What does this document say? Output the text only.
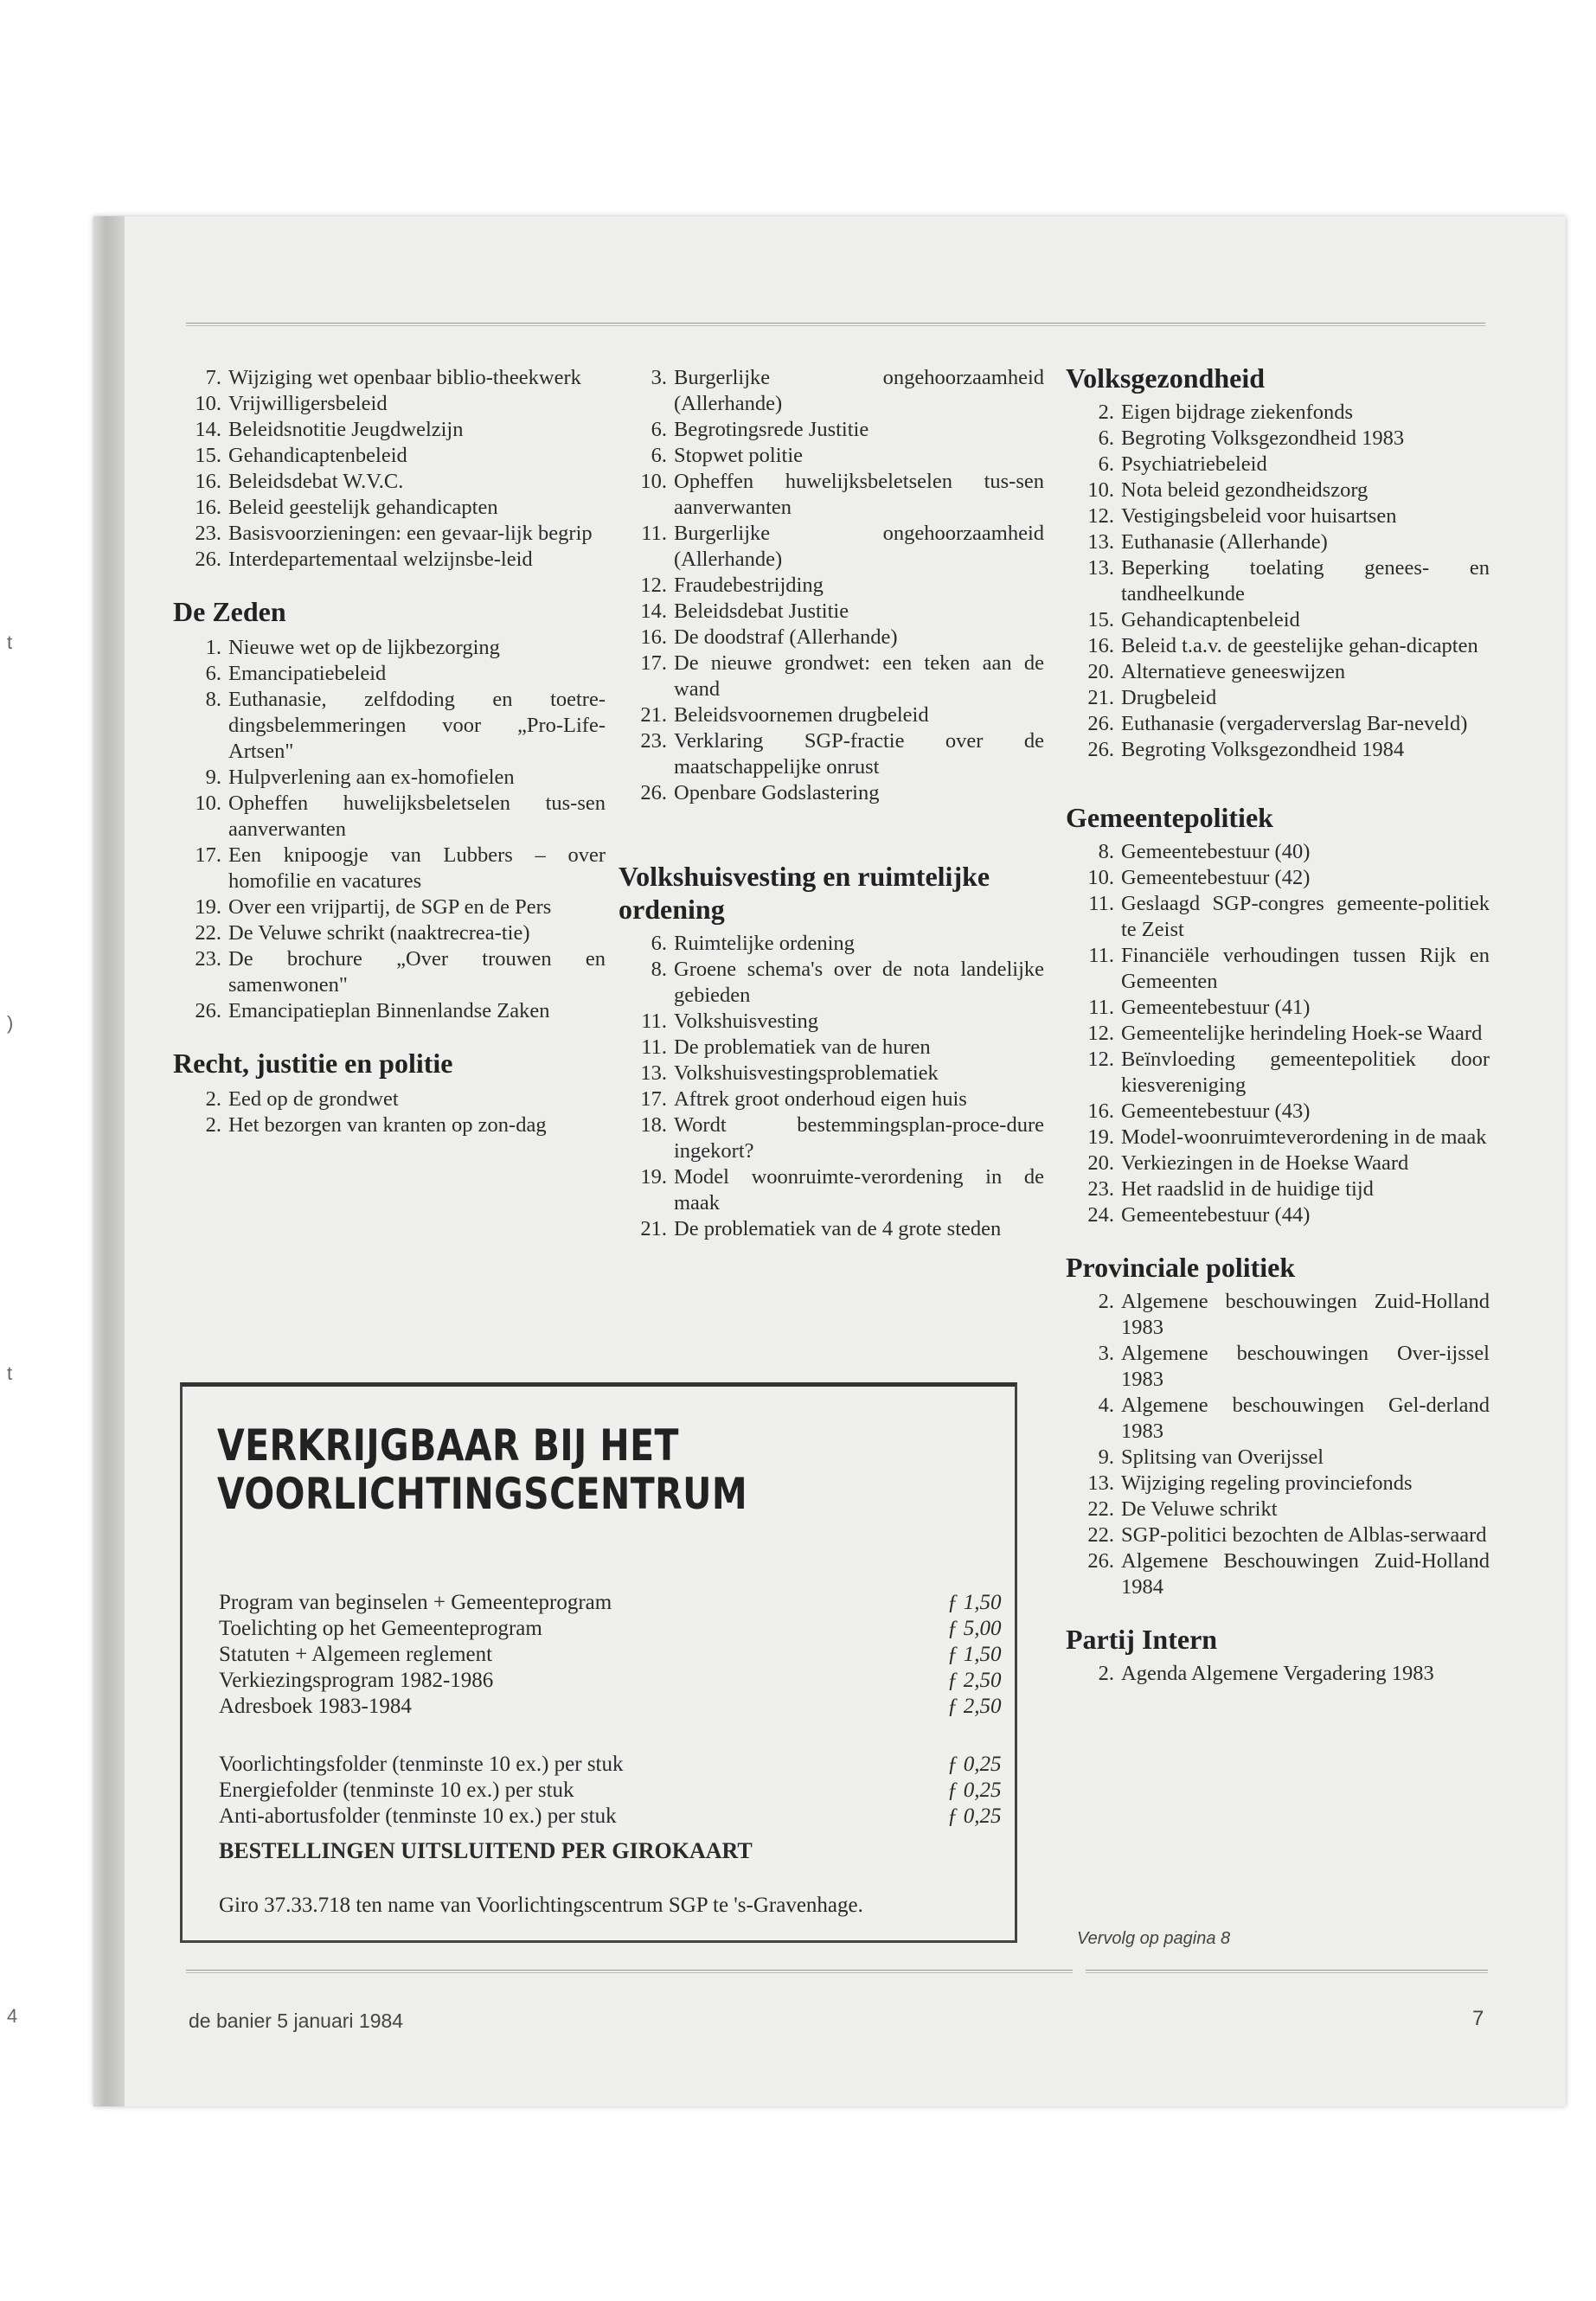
t
)
t
4
7. Wijziging wet openbaar biblio-theekwerk
10. Vrijwilligersbeleid
14. Beleidsnotitie Jeugdwelzijn
15. Gehandicaptenbeleid
16. Beleidsdebat W.V.C.
16. Beleid geestelijk gehandicapten
23. Basisvoorzieningen: een gevaar-lijk begrip
26. Interdepartementaal welzijnsbe-leid
De Zeden
1. Nieuwe wet op de lijkbezorging
6. Emancipatiebeleid
8. Euthanasie, zelfdoding en toetre-dingsbelemmeringen voor „Pro-Life-Artsen"
9. Hulpverlening aan ex-homofielen
10. Opheffen huwelijksbeletselen tus-sen aanverwanten
17. Een knipoogje van Lubbers – over homofilie en vacatures
19. Over een vrijpartij, de SGP en de Pers
22. De Veluwe schrikt (naaktrecrea-tie)
23. De brochure „Over trouwen en samenwonen"
26. Emancipatieplan Binnenlandse Zaken
Recht, justitie en politie
2. Eed op de grondwet
2. Het bezorgen van kranten op zon-dag
3. Burgerlijke ongehoorzaamheid (Allerhande)
6. Begrotingsrede Justitie
6. Stopwet politie
10. Opheffen huwelijksbeletselen tus-sen aanverwanten
11. Burgerlijke ongehoorzaamheid (Allerhande)
12. Fraudebestrijding
14. Beleidsdebat Justitie
16. De doodstraf (Allerhande)
17. De nieuwe grondwet: een teken aan de wand
21. Beleidsvoornemen drugbeleid
23. Verklaring SGP-fractie over de maatschappelijke onrust
26. Openbare Godslastering
Volkshuisvesting en ruimtelijke ordening
6. Ruimtelijke ordening
8. Groene schema's over de nota landelijke gebieden
11. Volkshuisvesting
11. De problematiek van de huren
13. Volkshuisvestingsproblematiek
17. Aftrek groot onderhoud eigen huis
18. Wordt bestemmingsplan-proce-dure ingekort?
19. Model woonruimte-verordening in de maak
21. De problematiek van de 4 grote steden
Volksgezondheid
2. Eigen bijdrage ziekenfonds
6. Begroting Volksgezondheid 1983
6. Psychiatriebeleid
10. Nota beleid gezondheidszorg
12. Vestigingsbeleid voor huisartsen
13. Euthanasie (Allerhande)
13. Beperking toelating genees- en tandheelkunde
15. Gehandicaptenbeleid
16. Beleid t.a.v. de geestelijke gehan-dicapten
20. Alternatieve geneeswijzen
21. Drugbeleid
26. Euthanasie (vergaderverslag Bar-neveld)
26. Begroting Volksgezondheid 1984
Gemeentepolitiek
8. Gemeentebestuur (40)
10. Gemeentebestuur (42)
11. Geslaagd SGP-congres gemeente-politiek te Zeist
11. Financiële verhoudingen tussen Rijk en Gemeenten
11. Gemeentebestuur (41)
12. Gemeentelijke herindeling Hoek-se Waard
12. Beïnvloeding gemeentepolitiek door kiesvereniging
16. Gemeentebestuur (43)
19. Model-woonruimteverordening in de maak
20. Verkiezingen in de Hoekse Waard
23. Het raadslid in de huidige tijd
24. Gemeentebestuur (44)
Provinciale politiek
2. Algemene beschouwingen Zuid-Holland 1983
3. Algemene beschouwingen Over-ijssel 1983
4. Algemene beschouwingen Gel-derland 1983
9. Splitsing van Overijssel
13. Wijziging regeling provinciefonds
22. De Veluwe schrikt
22. SGP-politici bezochten de Alblas-serwaard
26. Algemene Beschouwingen Zuid-Holland 1984
Partij Intern
2. Agenda Algemene Vergadering 1983
VERKRIJGBAAR BIJ HET
VOORLICHTINGSCENTRUM
Program van beginselen + Gemeenteprogram	ƒ 1,50
Toelichting op het Gemeenteprogram	ƒ 5,00
Statuten + Algemeen reglement	ƒ 1,50
Verkiezingsprogram 1982-1986	ƒ 2,50
Adresboek 1983-1984	ƒ 2,50
Voorlichtingsfolder (tenminste 10 ex.) per stuk	ƒ 0,25
Energiefolder (tenminste 10 ex.) per stuk	ƒ 0,25
Anti-abortusfolder (tenminste 10 ex.) per stuk	ƒ 0,25
BESTELLINGEN UITSLUITEND PER GIROKAART
Giro 37.33.718 ten name van Voorlichtingscentrum SGP te 's-Gravenhage.
Vervolg op pagina 8
de banier 5 januari 1984	7
